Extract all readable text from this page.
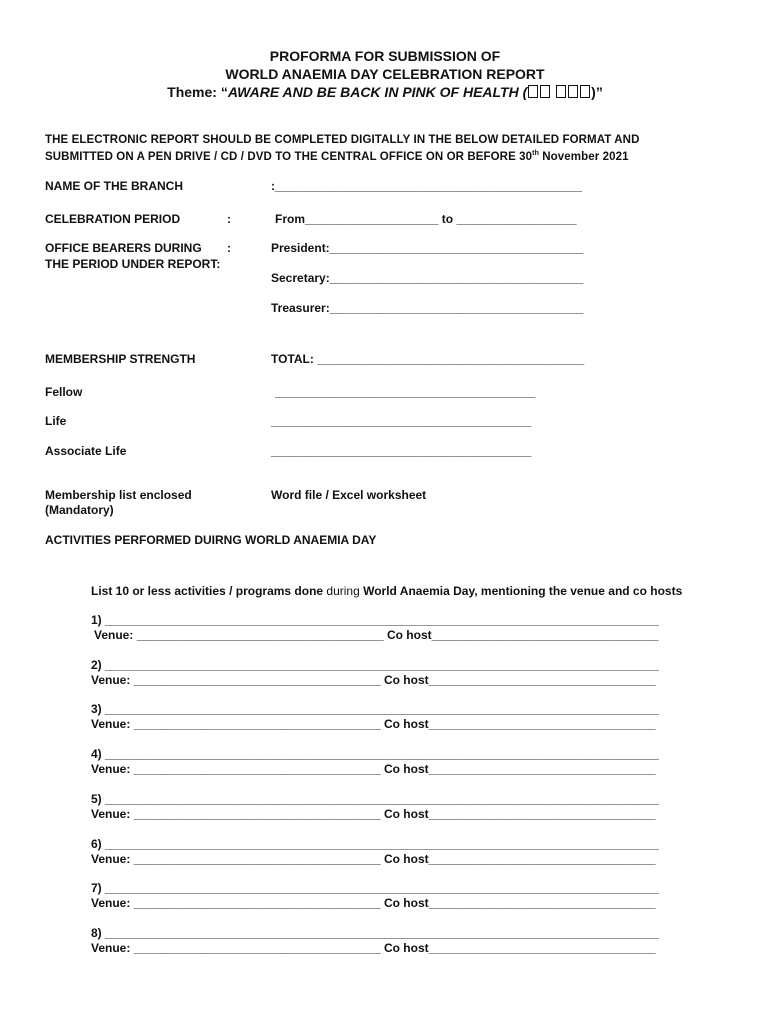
PROFORMA FOR SUBMISSION OF
WORLD ANAEMIA DAY CELEBRATION REPORT
Theme: “AWARE AND BE BACK IN PINK OF HEALTH (	)”
THE ELECTRONIC REPORT SHOULD BE COMPLETED DIGITALLY IN THE BELOW DETAILED FORMAT AND
SUBMITTED ON A PEN DRIVE / CD / DVD TO THE CENTRAL OFFICE ON OR BEFORE 30th November 2021
NAME OF THE BRANCH	:______________________________________________
CELEBRATION PERIOD	:	From____________________ to __________________
OFFICE BEARERS DURING :
THE PERIOD UNDER REPORT:
President:______________________________________
Secretary:______________________________________
Treasurer:______________________________________
MEMBERSHIP STRENGTH	TOTAL: ________________________________________
Fellow	_______________________________________
Life	_______________________________________
Associate Life	_______________________________________
Membership list enclosed
(Mandatory)
Word file / Excel worksheet
ACTIVITIES PERFORMED DUIRNG WORLD ANAEMIA DAY
List 10 or less activities / programs done during World Anaemia Day, mentioning the venue and co hosts
1) ___________________________________________________________________________________
Venue: _____________________________________ Co host__________________________________
2) ___________________________________________________________________________________
Venue: _____________________________________ Co host__________________________________
3) ___________________________________________________________________________________
Venue: _____________________________________ Co host__________________________________
4) ___________________________________________________________________________________
Venue: _____________________________________ Co host__________________________________
5) ___________________________________________________________________________________
Venue: _____________________________________ Co host__________________________________
6) ___________________________________________________________________________________
Venue: _____________________________________ Co host__________________________________
7) ___________________________________________________________________________________
Venue: _____________________________________ Co host__________________________________
8) ___________________________________________________________________________________
Venue: _____________________________________ Co host__________________________________
